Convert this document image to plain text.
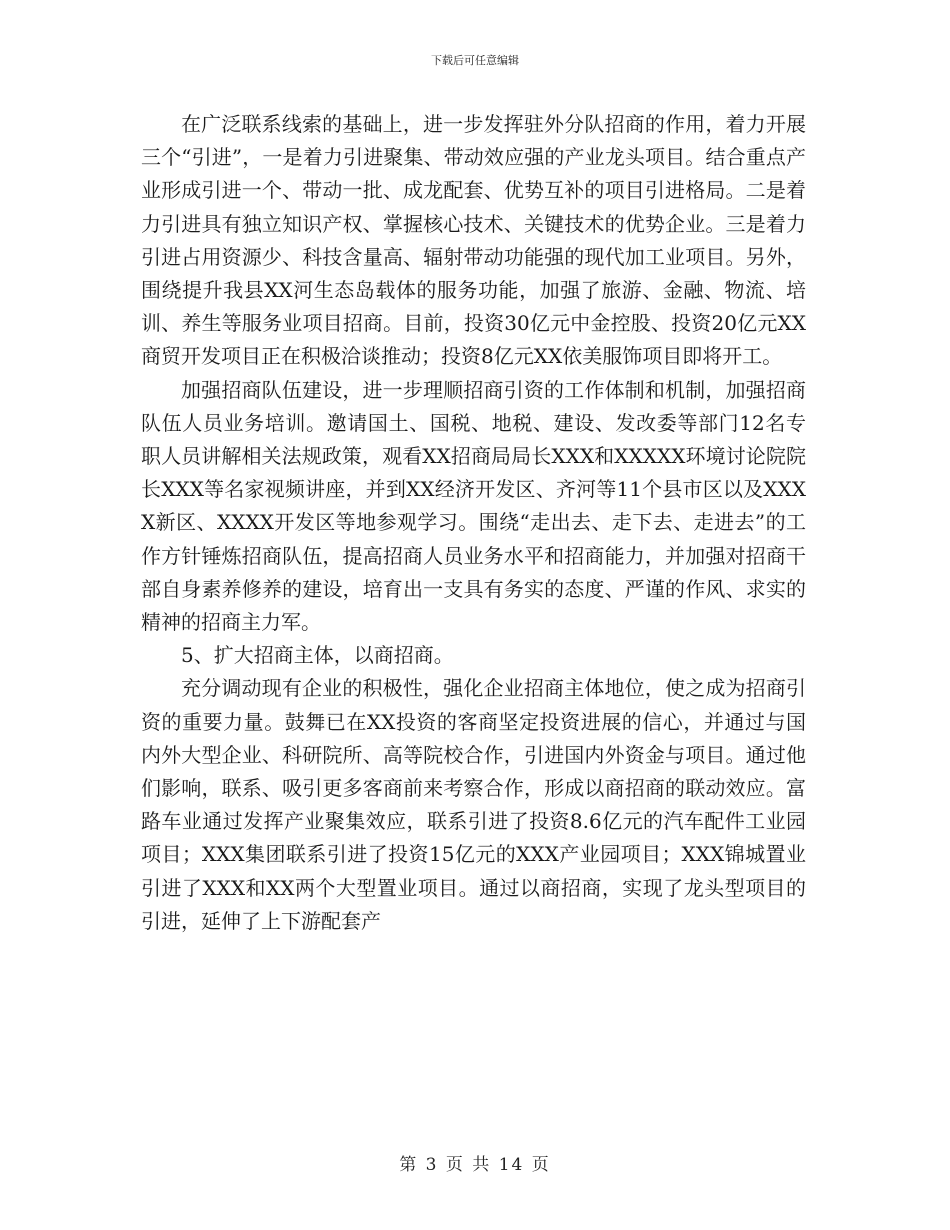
下载后可任意编辑

在广泛联系线索的基础上，进一步发挥驻外分队招商的作用，着力开展三个“引进”，一是着力引进聚集、带动效应强的产业龙头项目。结合重点产业形成引进一个、带动一批、成龙配套、优势互补的项目引进格局。二是着力引进具有独立知识产权、掌握核心技术、关键技术的优势企业。三是着力引进占用资源少、科技含量高、辐射带动功能强的现代加工业项目。另外，围绕提升我县XX河生态岛载体的服务功能，加强了旅游、金融、物流、培训、养生等服务业项目招商。目前，投资30亿元中金控股、投资20亿元XX商贸开发项目正在积极洽谈推动；投资8亿元XX依美服饰项目即将开工。

加强招商队伍建设，进一步理顺招商引资的工作体制和机制，加强招商队伍人员业务培训。邀请国土、国税、地税、建设、发改委等部门12名专职人员讲解相关法规政策，观看XX招商局局长XXX和XXXXX环境讨论院院长XXX等名家视频讲座，并到XX经济开发区、齐河等11个县市区以及XXXX新区、XXXX开发区等地参观学习。围绕“走出去、走下去、走进去”的工作方针锤炼招商队伍，提高招商人员业务水平和招商能力，并加强对招商干部自身素养修养的建设，培育出一支具有务实的态度、严谨的作风、求实的精神的招商主力军。

5、扩大招商主体，以商招商。

充分调动现有企业的积极性，强化企业招商主体地位，使之成为招商引资的重要力量。鼓舞已在XX投资的客商坚定投资进展的信心，并通过与国内外大型企业、科研院所、高等院校合作，引进国内外资金与项目。通过他们影响，联系、吸引更多客商前来考察合作，形成以商招商的联动效应。富路车业通过发挥产业聚集效应，联系引进了投资8.6亿元的汽车配件工业园项目；XXX集团联系引进了投资15亿元的XXX产业园项目；XXX锦城置业引进了XXX和XX两个大型置业项目。通过以商招商，实现了龙头型项目的引进，延伸了上下游配套产

第 3 页 共 14 页
